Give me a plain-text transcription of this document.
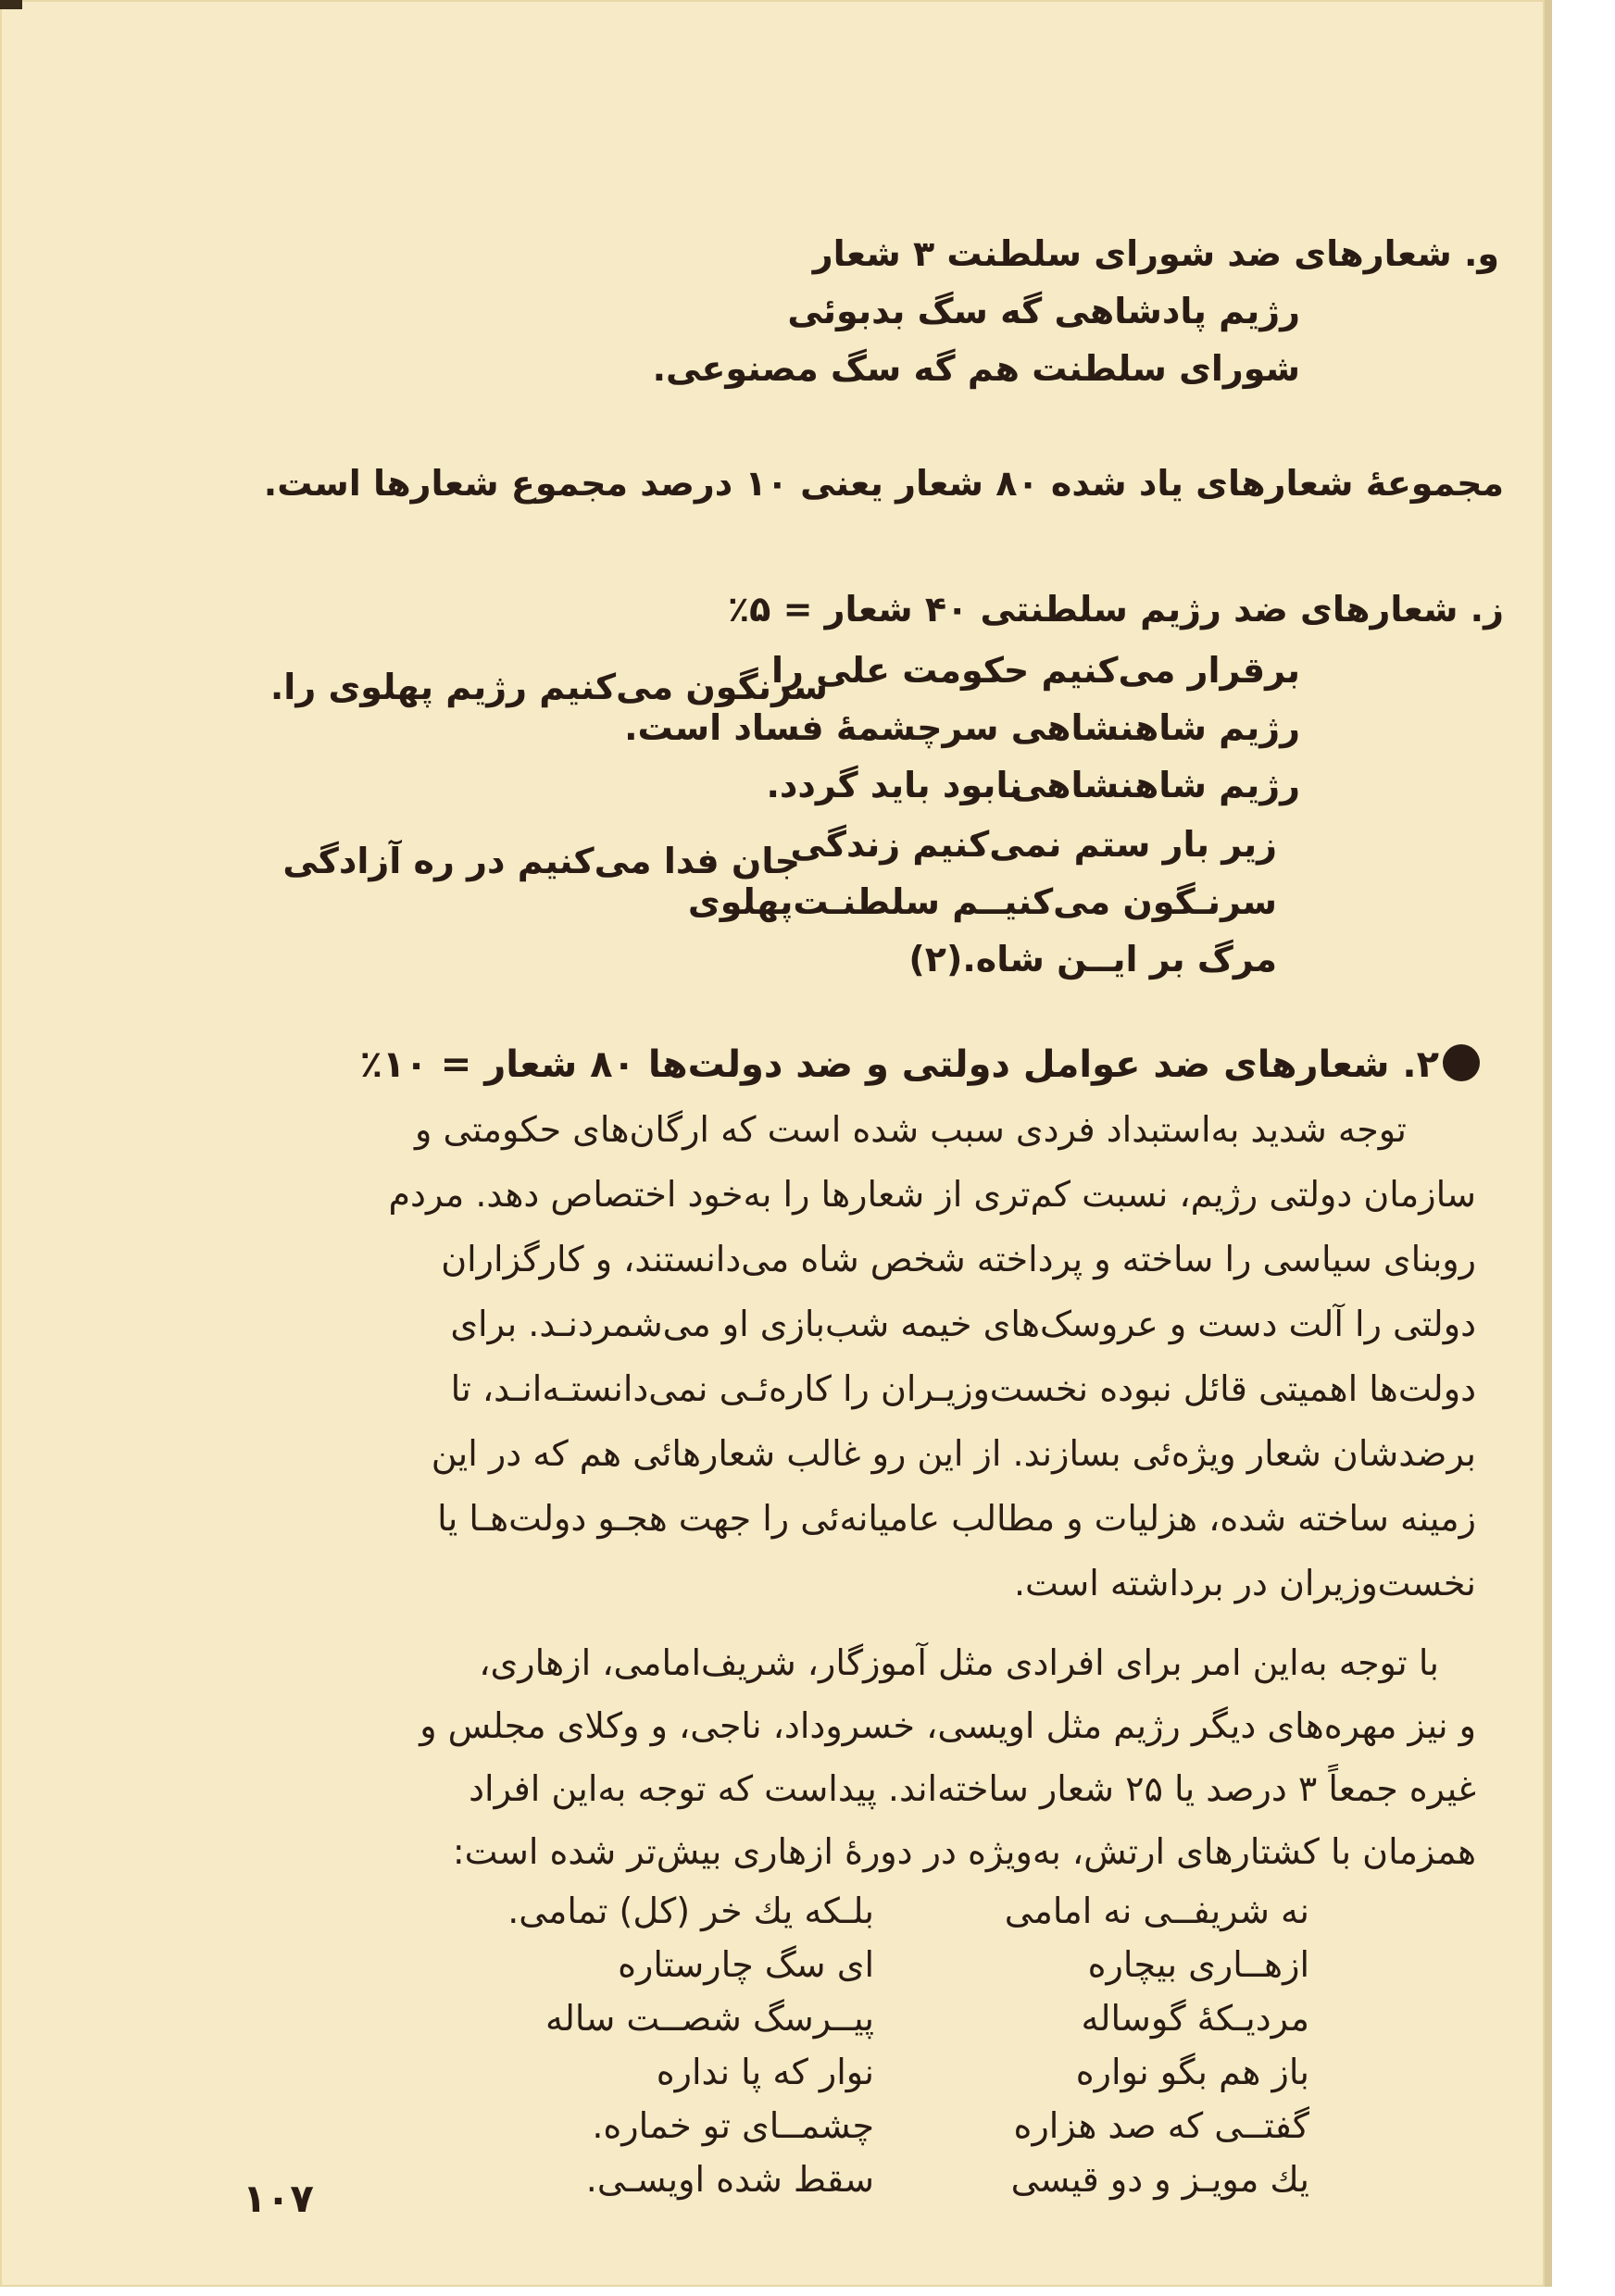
و. شعارهای ضد شورای سلطنت ۳ شعار

رژیم پادشاهی گه سگ بدبوئی

شورای سلطنت هم گه سگ مصنوعی.

مجموعهٔ شعارهای یاد شده ۸۰ شعار یعنی ۱۰ درصد مجموع شعارها است.

ز. شعارهای ضد رژیم سلطنتی ۴۰ شعار = ۵٪

برقرار می‌کنیم حکومت علی را

سرنگون می‌کنیم رژیم پهلوی را.

رژیم شاهنشاهی سرچشمهٔ فساد است.

رژیم شاهنشاهی

نابود باید گردد.

زیر بار ستم نمی‌کنیم زندگی

جان فدا می‌کنیم در ره آزادگی

سرنـگون می‌کنیــم سلطنـت‌پهلوی

مرگ بر ایــن شاه.(۲)

۲. شعارهای ضد عوامل دولتی و ضد دولت‌ها ۸۰ شعار = ۱۰٪

توجه شدید به‌استبداد فردی سبب شده است که ارگان‌های حکومتی و

سازمان دولتی رژیم، نسبت کم‌تری از شعارها را به‌خود اختصاص دهد. مردم

روبنای سیاسی را ساخته و پرداخته شخص شاه می‌دانستند، و کارگزاران

دولتی را آلت دست و عروسک‌های خیمه شب‌بازی او می‌شمردنـد. برای

دولت‌ها اهمیتی قائل نبوده نخست‌وزیـران را کاره‌ئـی نمی‌دانستـه‌انـد، تا

برضدشان شعار ویژه‌ئی بسازند. از این رو غالب شعارهائی هم که در این

زمینه ساخته شده، هزلیات و مطالب عامیانه‌ئی را جهت هجـو دولت‌هـا یا

نخست‌وزیران در برداشته است.

با توجه به‌این امر برای افرادی مثل آموزگار، شریف‌امامی، ازهاری،

و نیز مهره‌های دیگر رژیم مثل اویسی، خسروداد، ناجی، و وکلای مجلس و

غیره جمعاً ۳ درصد یا ۲۵ شعار ساخته‌اند. پیداست که توجه به‌این افراد

همزمان با کشتارهای ارتش، به‌ویژه در دورهٔ ازهاری بیش‌تر شده است:

نه شریفــی نه امامی

بلـکه یك خر (کل) تمامی.

ازهــاری بیچاره

ای سگ چارستاره

مردیـکهٔ گوساله

پیــرسگ شصــت ساله

باز هم بگو نواره

نوار که پا نداره

گفتــی که صد هزاره

چشمــای تو خماره.

یك مویـز و دو قیسی

سقط شده اویسـی.

۱۰۷
